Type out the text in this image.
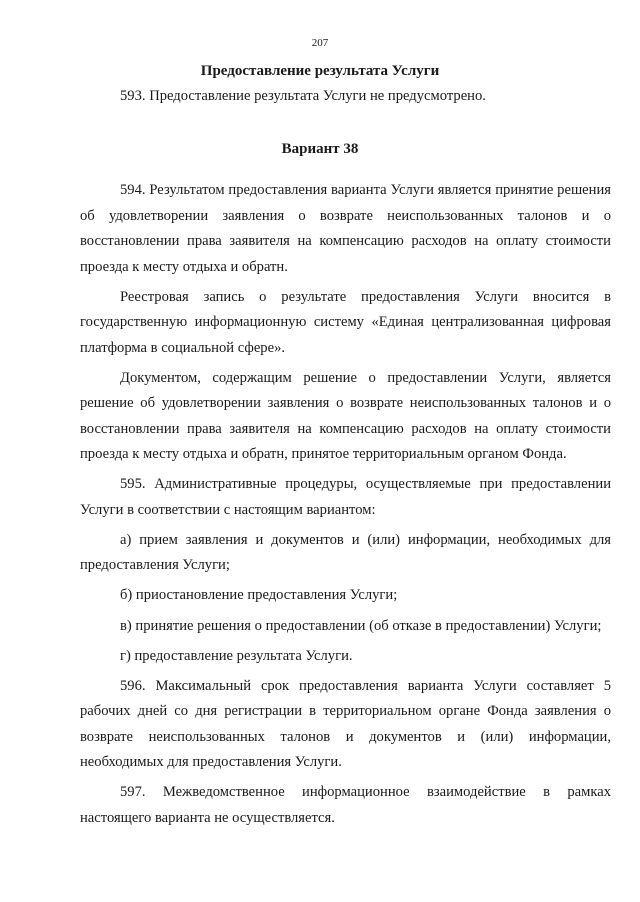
207
Предоставление результата Услуги
593. Предоставление результата Услуги не предусмотрено.
Вариант 38

594. Результатом предоставления варианта Услуги является принятие решения об удовлетворении заявления о возврате неиспользованных талонов и о восстановлении права заявителя на компенсацию расходов на оплату стоимости проезда к месту отдыха и обратн.

Реестровая запись о результате предоставления Услуги вносится в государственную информационную систему «Единая централизованная цифровая платформа в социальной сфере».

Документом, содержащим решение о предоставлении Услуги, является решение об удовлетворении заявления о возврате неиспользованных талонов и о восстановлении права заявителя на компенсацию расходов на оплату стоимости проезда к месту отдыха и обратн, принятое территориальным органом Фонда.

595. Административные процедуры, осуществляемые при предоставлении Услуги в соответствии с настоящим вариантом:

а) прием заявления и документов и (или) информации, необходимых для предоставления Услуги;

б) приостановление предоставления Услуги;

в) принятие решения о предоставлении (об отказе в предоставлении) Услуги;

г) предоставление результата Услуги.

596. Максимальный срок предоставления варианта Услуги составляет 5 рабочих дней со дня регистрации в территориальном органе Фонда заявления о возврате неиспользованных талонов и документов и (или) информации, необходимых для предоставления Услуги.

597. Межведомственное информационное взаимодействие в рамках настоящего варианта не осуществляется.
